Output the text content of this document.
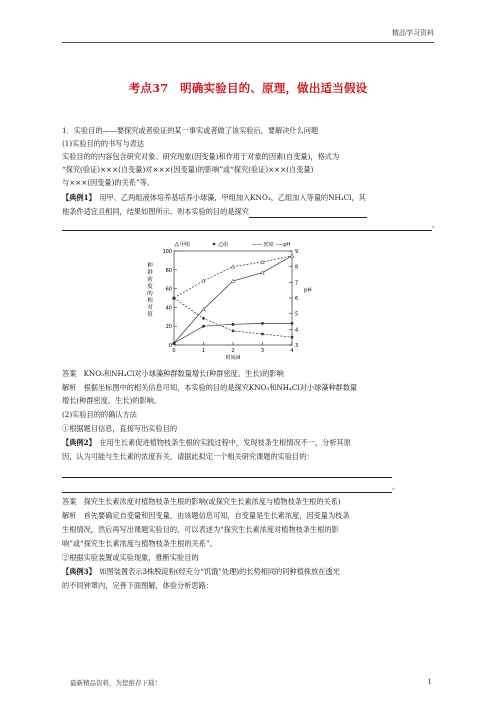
精品学习资料
考点37　明确实验目的、原理，做出适当假设
1．实验目的——要探究或者验证的某一事实或者做了该实验后，要解决什么问题
(1)实验目的的书写与表达
实验目的的内容包含研究对象、研究现象(因变量)和作用于对象的因素(自变量)，格式为
“探究(验证)×××(自变量)对×××(因变量)的影响”或“探究(验证)×××(自变量)
与×××(因变量)的关系”等。
【典例1】　用甲、乙两组液体培养基培养小球藻，甲组加入KNO₃，乙组加入等量的NH₄Cl，其
他条件适宜且相同，结果如图所示。则本实验的目的是探究
。
0
20
40
60
80
100
3
4
5
6
7
8
9
0	1	2	3	4
时间/d
pH
种群密度的相对值
甲组	乙组	—— 密度 ----pH
答案　KNO₃和NH₄Cl对小球藻种群数量增长(种群密度、生长)的影响
解析　根据坐标图中的相关信息可知，本实验的目的是探究KNO₃和NH₄Cl对小球藻种群数量
增长(种群密度、生长)的影响。
(2)实验目的的确认方法
①根据题目信息，直接写出实验目的
【典例2】　在用生长素促进植物枝条生根的实践过程中，发现枝条生根情况不一，分析其原
因，认为可能与生长素的浓度有关。请据此拟定一个相关研究课题的实验目的：
。
答案　探究生长素浓度对植物枝条生根的影响(或探究生长素浓度与植物枝条生根的关系)
解析　首先要确定自变量和因变量。由该题信息可知，自变量是生长素浓度，因变量为枝条
生根情况，然后再写出课题实验目的，可以表述为“探究生长素浓度对植物枝条生根的影
响”或“探究生长素浓度与植物枝条生根的关系”。
②根据实验装置或实验现象，推断实验目的
【典例3】　如图装置表示3株脱淀粉(经充分“饥饿”处理)的长势相同的同种植株放在透光
的不同钟罩内，完善下面图解，体验分析思路：
最新精品资料，为您推荐下载！	1
